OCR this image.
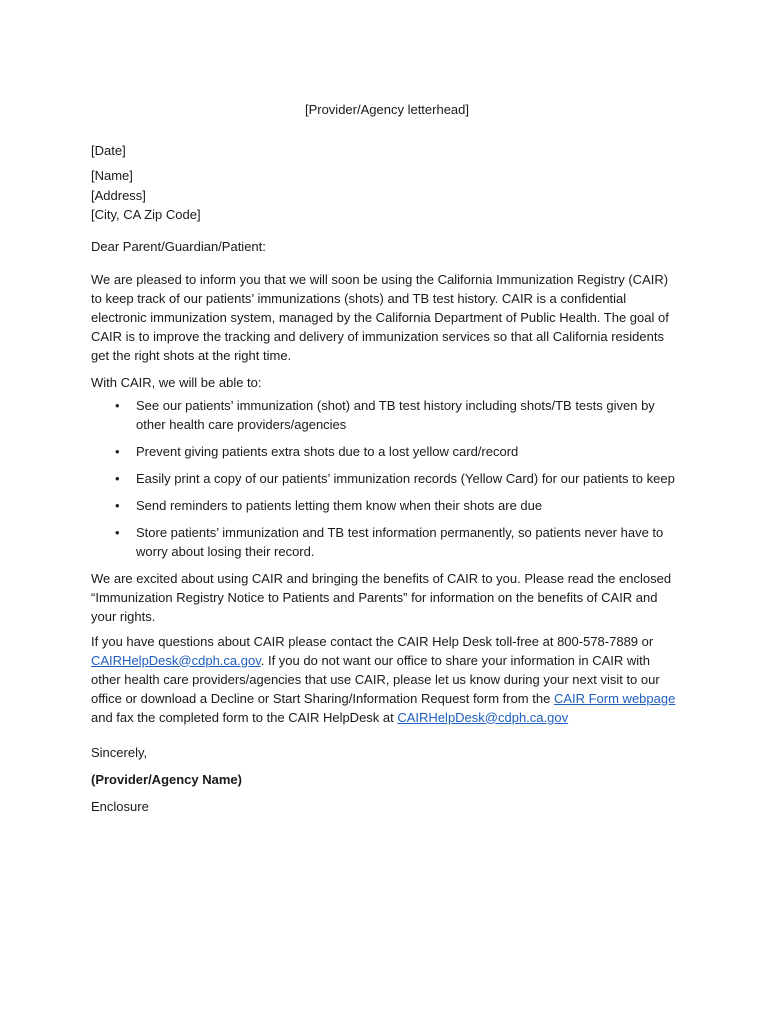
[Provider/Agency letterhead]

[Date]

[Name]

[Address]

[City, CA Zip Code]

Dear Parent/Guardian/Patient:

We are pleased to inform you that we will soon be using the California Immunization Registry (CAIR) to keep track of our patients’ immunizations (shots) and TB test history. CAIR is a confidential electronic immunization system, managed by the California Department of Public Health. The goal of CAIR is to improve the tracking and delivery of immunization services so that all California residents get the right shots at the right time.

With CAIR, we will be able to:

• See our patients’ immunization (shot) and TB test history including shots/TB tests given by other health care providers/agencies
• Prevent giving patients extra shots due to a lost yellow card/record
• Easily print a copy of our patients’ immunization records (Yellow Card) for our patients to keep
• Send reminders to patients letting them know when their shots are due
• Store patients’ immunization and TB test information permanently, so patients never have to worry about losing their record.

We are excited about using CAIR and bringing the benefits of CAIR to you. Please read the enclosed “Immunization Registry Notice to Patients and Parents” for information on the benefits of CAIR and your rights.

If you have questions about CAIR please contact the CAIR Help Desk toll-free at 800-578-7889 or CAIRHelpDesk@cdph.ca.gov. If you do not want our office to share your information in CAIR with other health care providers/agencies that use CAIR, please let us know during your next visit to our office or download a Decline or Start Sharing/Information Request form from the CAIR Form webpage and fax the completed form to the CAIR HelpDesk at CAIRHelpDesk@cdph.ca.gov

Sincerely,

(Provider/Agency Name)

Enclosure
